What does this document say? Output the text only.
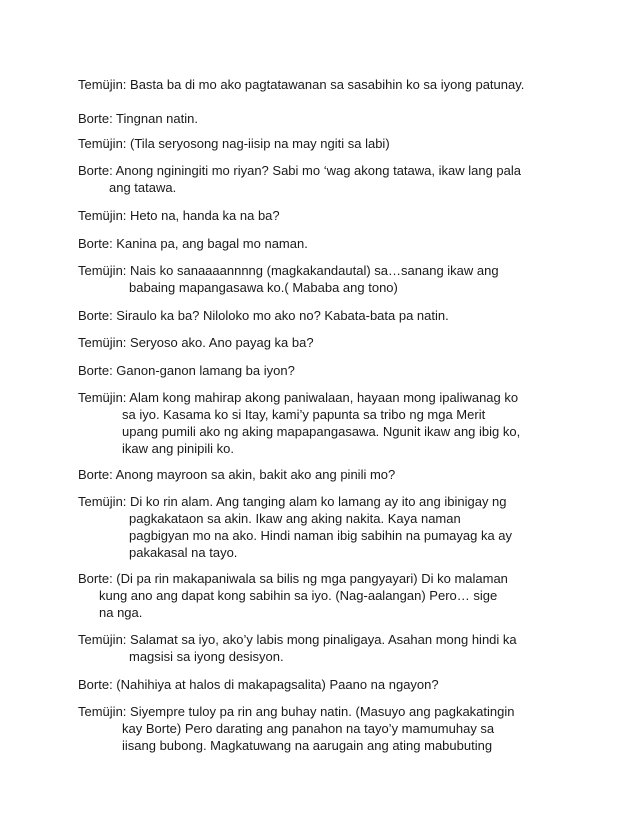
Temüjin: Basta ba di mo ako pagtatawanan sa sasabihin ko sa iyong patunay.

Borte: Tingnan natin.

Temüjin: (Tila seryosong nag-iisip na may ngiti sa labi)

Borte: Anong nginingiti mo riyan? Sabi mo ‘wag akong tatawa, ikaw lang pala
ang tatawa.

Temüjin: Heto na, handa ka na ba?

Borte: Kanina pa, ang bagal mo naman.

Temüjin: Nais ko sanaaaannnng (magkakandautal) sa…sanang ikaw ang
babaing mapangasawa ko.( Mababa ang tono)

Borte: Siraulo ka ba? Niloloko mo ako no? Kabata-bata pa natin.

Temüjin: Seryoso ako. Ano payag ka ba?

Borte: Ganon-ganon lamang ba iyon?

Temüjin: Alam kong mahirap akong paniwalaan, hayaan mong ipaliwanag ko
sa iyo. Kasama ko si Itay, kami’y papunta sa tribo ng mga Merit
upang pumili ako ng aking mapapangasawa. Ngunit ikaw ang ibig ko,
ikaw ang pinipili ko.

Borte: Anong mayroon sa akin, bakit ako ang pinili mo?

Temüjin: Di ko rin alam. Ang tanging alam ko lamang ay ito ang ibinigay ng
pagkakataon sa akin. Ikaw ang aking nakita. Kaya naman
pagbigyan mo na ako. Hindi naman ibig sabihin na pumayag ka ay
pakakasal na tayo.

Borte: (Di pa rin makapaniwala sa bilis ng mga pangyayari) Di ko malaman
kung ano ang dapat kong sabihin sa iyo. (Nag-aalangan) Pero… sige
na nga.

Temüjin: Salamat sa iyo, ako’y labis mong pinaligaya. Asahan mong hindi ka
magsisi sa iyong desisyon.

Borte: (Nahihiya at halos di makapagsalita) Paano na ngayon?

Temüjin: Siyempre tuloy pa rin ang buhay natin. (Masuyo ang pagkakatingin
kay Borte) Pero darating ang panahon na tayo’y mamumuhay sa
iisang bubong. Magkatuwang na aarugain ang ating mabubuting
